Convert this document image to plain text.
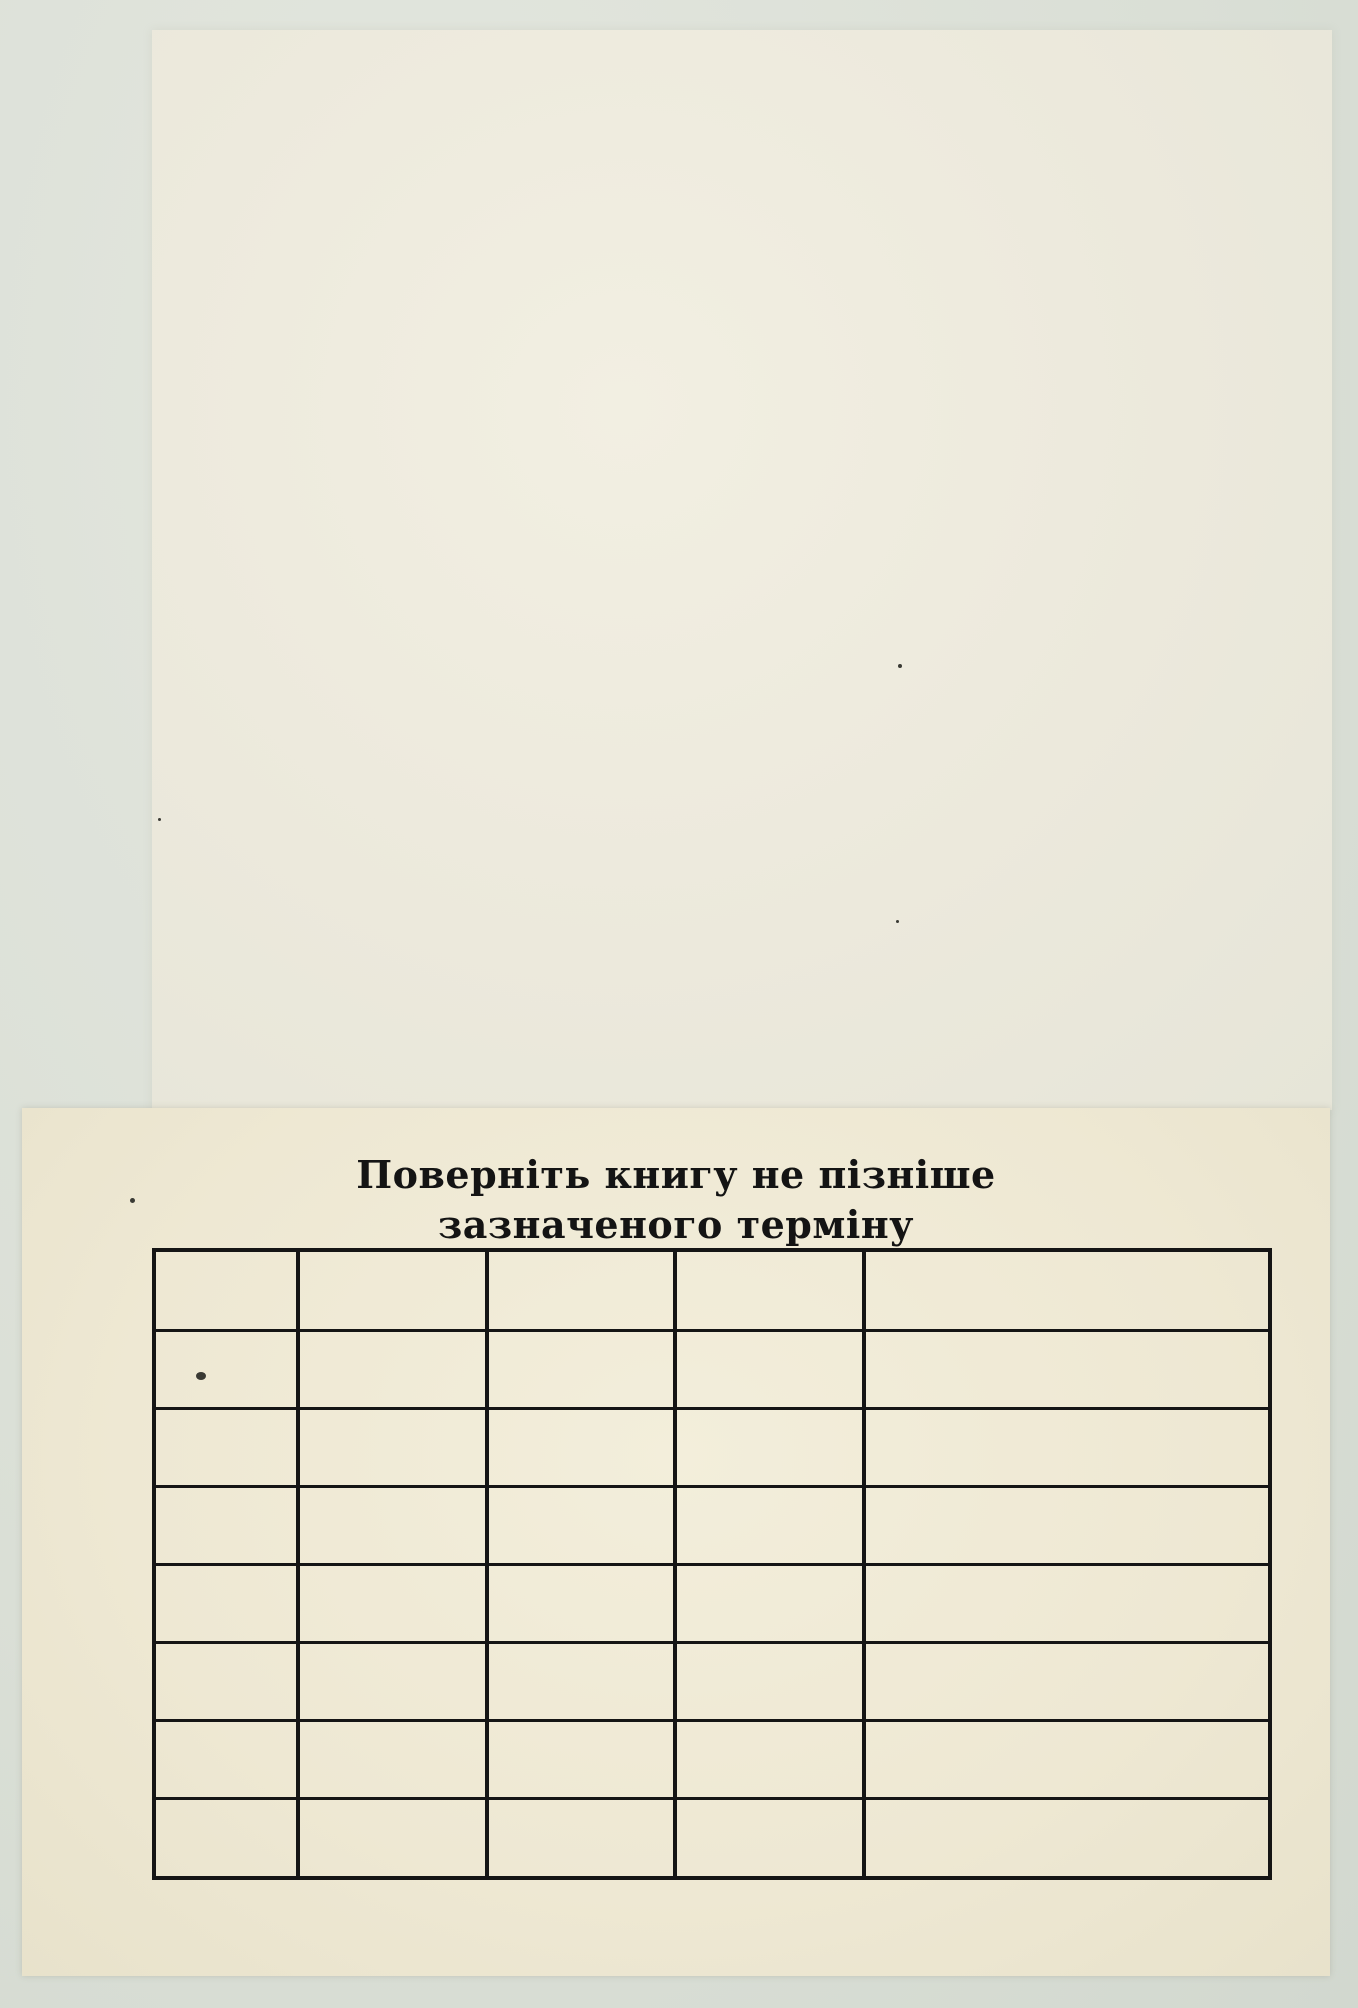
Поверніть книгу не пізніше
зазначеного терміну
